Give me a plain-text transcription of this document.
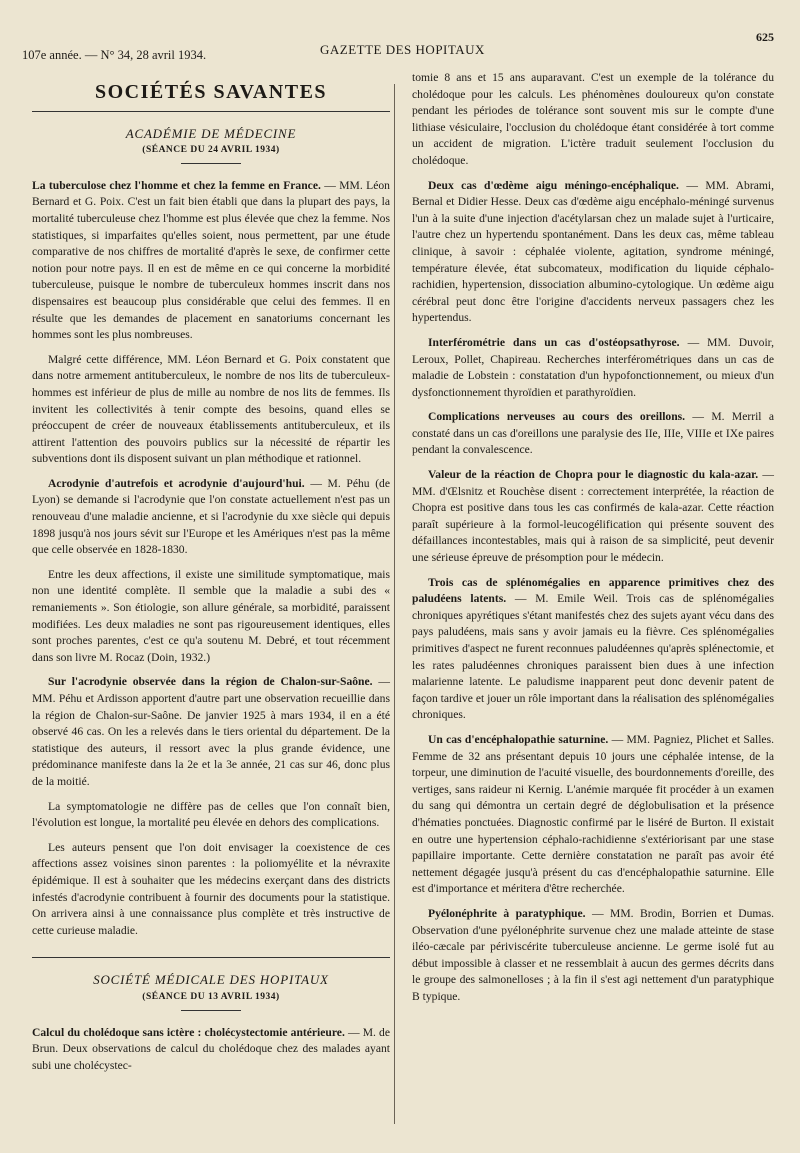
107e année. — N° 34, 28 avril 1934.	GAZETTE DES HOPITAUX
625
SOCIÉTÉS SAVANTES
ACADÉMIE DE MÉDECINE
(SÉANCE DU 24 AVRIL 1934)

La tuberculose chez l'homme et chez la femme en France. — MM. Léon Bernard et G. Poix. C'est un fait bien établi que dans la plupart des pays, la mortalité tuberculeuse chez l'homme est plus élevée que chez la femme. Nos statistiques, si imparfaites qu'elles soient, nous permettent, par une étude comparative de nos chiffres de mortalité d'après le sexe, de confirmer cette notion pour notre pays. Il en est de même en ce qui concerne la morbidité tuberculeuse, puisque le nombre de tuberculeux hommes inscrit dans nos dispensaires est beaucoup plus considérable que celui des femmes. Il en résulte que les demandes de placement en sanatoriums concernant les hommes sont les plus nombreuses.

Malgré cette différence, MM. Léon Bernard et G. Poix constatent que dans notre armement antituberculeux, le nombre de nos lits de tuberculeux-hommes est inférieur de plus de mille au nombre de nos lits de femmes. Ils invitent les collectivités à tenir compte des besoins, quand elles se préoccupent de créer de nouveaux établissements antituberculeux, et ils attirent l'attention des pouvoirs publics sur la nécessité de répartir les subventions dont ils disposent suivant un plan méthodique et rationnel.

Acrodynie d'autrefois et acrodynie d'aujourd'hui. — M. Péhu (de Lyon) se demande si l'acrodynie que l'on constate actuellement n'est pas un renouveau d'une maladie ancienne, et si l'acrodynie du xxe siècle qui depuis 1898 jusqu'à nos jours sévit sur l'Europe et les Amériques n'est pas la même que celle observée en 1828-1830.

Entre les deux affections, il existe une similitude symptomatique, mais non une identité complète. Il semble que la maladie a subi des « remaniements ». Son étiologie, son allure générale, sa morbidité, paraissent modifiées. Les deux maladies ne sont pas rigoureusement identiques, elles sont proches parentes, c'est ce qu'a soutenu M. Debré, et tout récemment dans son livre M. Rocaz (Doin, 1932.)

Sur l'acrodynie observée dans la région de Chalon-sur-Saône. — MM. Péhu et Ardisson apportent d'autre part une observation recueillie dans la région de Chalon-sur-Saône. De janvier 1925 à mars 1934, il en a été observé 46 cas. On les a relevés dans le tiers oriental du département. De la statistique des auteurs, il ressort avec la plus grande évidence, une prédominance manifeste dans la 2e et la 3e année, 21 cas sur 46, donc plus de la moitié.

La symptomatologie ne diffère pas de celles que l'on connaît bien, l'évolution est longue, la mortalité peu élevée en dehors des complications.

Les auteurs pensent que l'on doit envisager la coexistence de ces affections assez voisines sinon parentes : la poliomyélite et la névraxite épidémique. Il est à souhaiter que les médecins exerçant dans des districts infestés d'acrodynie contribuent à fournir des documents pour la statistique. On arrivera ainsi à une connaissance plus complète et très instructive de cette curieuse maladie.

SOCIÉTÉ MÉDICALE DES HOPITAUX
(SÉANCE DU 13 AVRIL 1934)

Calcul du cholédoque sans ictère : cholécystectomie antérieure. — M. de Brun. Deux observations de calcul du cholédoque chez des malades ayant subi une cholécystec-

tomie 8 ans et 15 ans auparavant. C'est un exemple de la tolérance du cholédoque pour les calculs. Les phénomènes douloureux qu'on constate pendant les périodes de tolérance sont souvent mis sur le compte d'une lithiase vésiculaire, l'occlusion du cholédoque étant considérée à tort comme un accident de migration. L'ictère traduit seulement l'occlusion du cholédoque.

Deux cas d'œdème aigu méningo-encéphalique. — MM. Abrami, Bernal et Didier Hesse. Deux cas d'œdème aigu encéphalo-méningé survenus l'un à la suite d'une injection d'acétylarsan chez un malade sujet à l'urticaire, l'autre chez un hypertendu spontanément. Dans les deux cas, même tableau clinique, à savoir : céphalée violente, agitation, syndrome méningé, température élevée, état subcomateux, modification du liquide céphalo-rachidien, hypertension, dissociation albumino-cytologique. Un œdème aigu cérébral peut donc être l'origine d'accidents nerveux passagers chez les hypertendus.

Interférométrie dans un cas d'ostéopsathyrose. — MM. Duvoir, Leroux, Pollet, Chapireau. Recherches interférométriques dans un cas de maladie de Lobstein : constatation d'un hypofonctionnement, ou mieux d'un dysfonctionnement thyroïdien et parathyroïdien.

Complications nerveuses au cours des oreillons. — M. Merril a constaté dans un cas d'oreillons une paralysie des IIe, IIIe, VIIIe et IXe paires pendant la convalescence.

Valeur de la réaction de Chopra pour le diagnostic du kala-azar. — MM. d'Œlsnitz et Rouchèse disent : correctement interprétée, la réaction de Chopra est positive dans tous les cas confirmés de kala-azar. Cette réaction paraît supérieure à la formol-leucogélification qui présente souvent des défaillances incontestables, mais qui à raison de sa simplicité, peut devenir une sérieuse épreuve de présomption pour le médecin.

Trois cas de splénomégalies en apparence primitives chez des paludéens latents. — M. Emile Weil. Trois cas de splénomégalies chroniques apyrétiques s'étant manifestés chez des sujets ayant vécu dans des pays paludéens, mais sans y avoir jamais eu la fièvre. Ces splénomégalies primitives d'aspect ne furent reconnues paludéennes qu'après splénectomie, et les rates paludéennes chroniques paraissent bien dues à une infection malarienne latente. Le paludisme inapparent peut donc devenir patent de façon tardive et jouer un rôle important dans la réalisation des splénomégalies chroniques.

Un cas d'encéphalopathie saturnine. — MM. Pagniez, Plichet et Salles. Femme de 32 ans présentant depuis 10 jours une céphalée intense, de la torpeur, une diminution de l'acuité visuelle, des bourdonnements d'oreille, des vertiges, sans raideur ni Kernig. L'anémie marquée fit procéder à un examen du sang qui démontra un certain degré de déglobulisation et la présence d'hématies ponctuées. Diagnostic confirmé par le liséré de Burton. Il existait en outre une hypertension céphalo-rachidienne s'extériorisant par une stase papillaire importante. Cette dernière constatation ne paraît pas avoir été nettement dégagée jusqu'à présent du cas d'encéphalopathie saturnine. Elle est d'importance et méritera d'être recherchée.

Pyélonéphrite à paratyphique. — MM. Brodin, Borrien et Dumas. Observation d'une pyélonéphrite survenue chez une malade atteinte de stase iléo-cæcale par périviscérite tuberculeuse ancienne. Le germe isolé fut au début impossible à classer et ne ressemblait à aucun des germes décrits dans le groupe des salmonelloses ; à la fin il s'est agi nettement d'un paratyphique B typique.
